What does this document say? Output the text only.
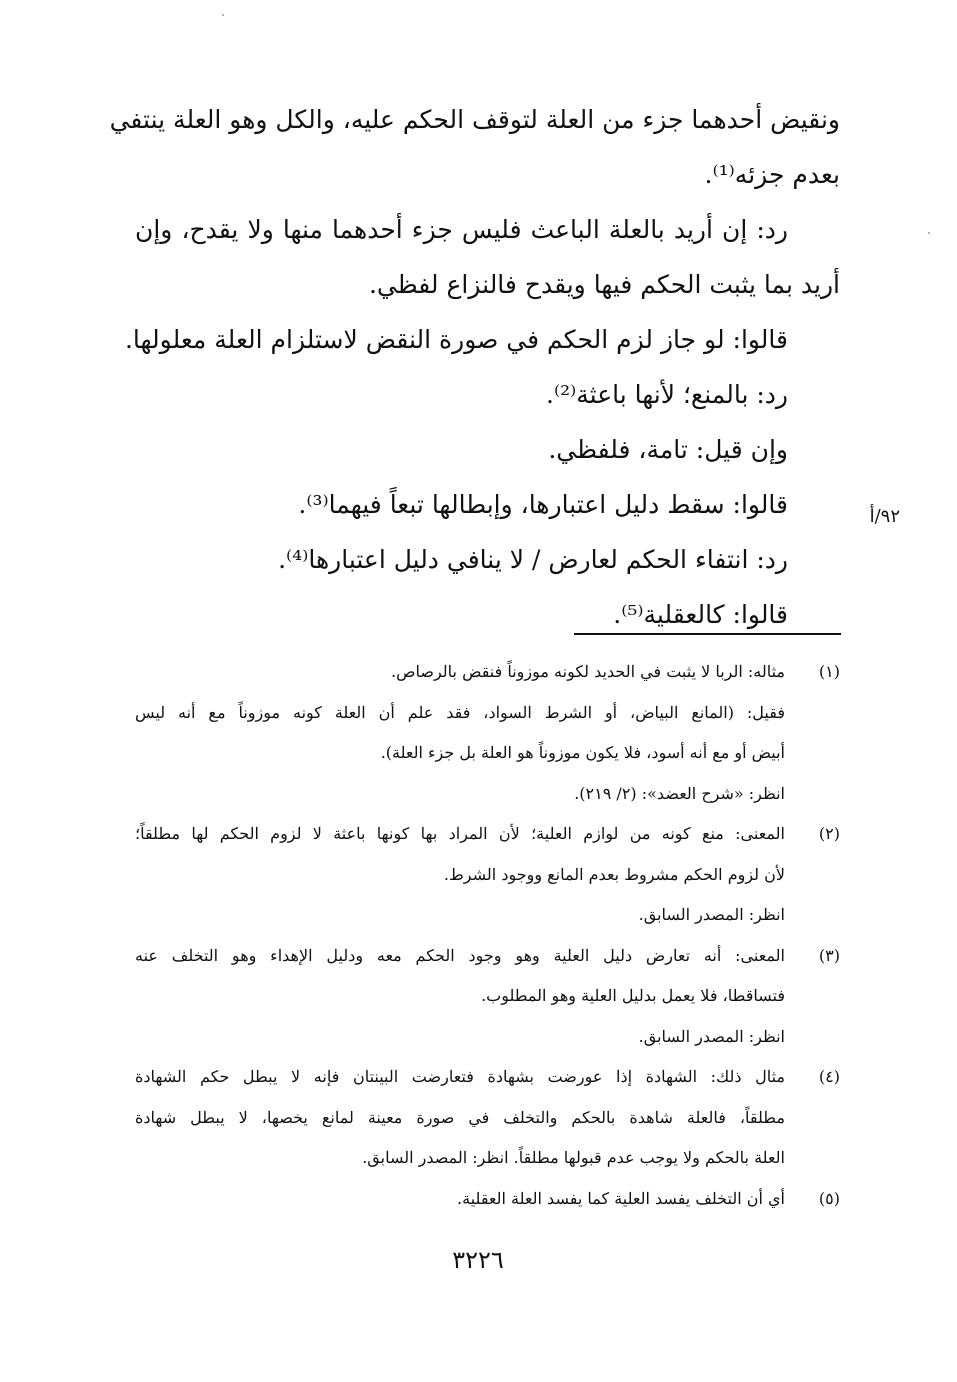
ونقيض أحدهما جزء من العلة لتوقف الحكم عليه، والكل وهو العلة ينتفي
بعدم جزئه⁽¹⁾.
رد: إن أريد بالعلة الباعث فليس جزء أحدهما منها ولا يقدح، وإن
أريد بما يثبت الحكم فيها ويقدح فالنزاع لفظي.
قالوا: لو جاز لزم الحكم في صورة النقض لاستلزام العلة معلولها.
رد: بالمنع؛ لأنها باعثة⁽²⁾.
وإن قيل: تامة، فلفظي.
قالوا: سقط دليل اعتبارها، وإبطالها تبعاً فيهما⁽³⁾.
رد: انتفاء الحكم لعارض / لا ينافي دليل اعتبارها⁽⁴⁾.
قالوا: كالعقلية⁽⁵⁾.
٩٢/أ
(١)
مثاله: الربا لا يثبت في الحديد لكونه موزوناً فنقض بالرصاص.
فقيل: (المانع البياض، أو الشرط السواد، فقد علم أن العلة كونه موزوناً مع أنه ليس
أبيض أو مع أنه أسود، فلا يكون موزوناً هو العلة بل جزء العلة).
انظر: «شرح العضد»: (٢/ ٢١٩).
(٢)
المعنى: منع كونه من لوازم العلية؛ لأن المراد بها كونها باعثة لا لزوم الحكم لها مطلقاً؛
لأن لزوم الحكم مشروط بعدم المانع ووجود الشرط.
انظر: المصدر السابق.
(٣)
المعنى: أنه تعارض دليل العلية وهو وجود الحكم معه ودليل الإهداء وهو التخلف عنه
فتساقطا، فلا يعمل بدليل العلية وهو المطلوب.
انظر: المصدر السابق.
(٤)
مثال ذلك: الشهادة إذا عورضت بشهادة فتعارضت البينتان فإنه لا يبطل حكم الشهادة
مطلقاً، فالعلة شاهدة بالحكم والتخلف في صورة معينة لمانع يخصها، لا يبطل شهادة
العلة بالحكم ولا يوجب عدم قبولها مطلقاً. انظر: المصدر السابق.
(٥)
أي أن التخلف يفسد العلية كما يفسد العلة العقلية.
٣٢٢٦
